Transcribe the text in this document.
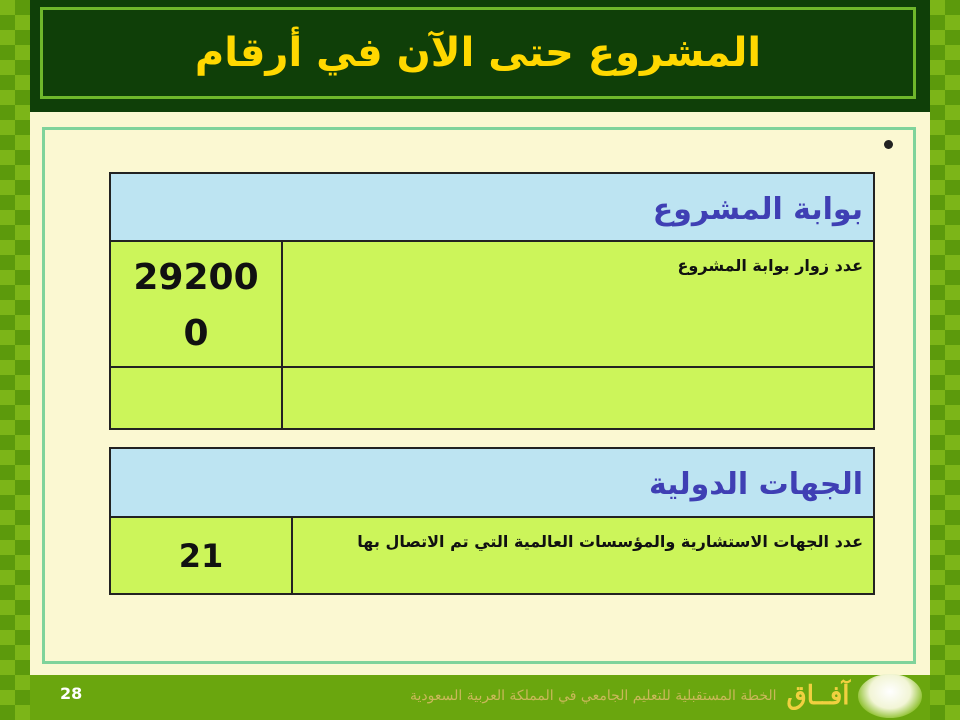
المشروع حتى الآن في أرقام
بوابة المشروع	
عدد زوار بوابة المشروع	292000

الجهات الدولية
عدد الجهات الاستشارية والمؤسسات العالمية التي تم الاتصال بها	21
28	آفــاق
الخطة المستقبلية للتعليم الجامعي في المملكة العربية السعودية
